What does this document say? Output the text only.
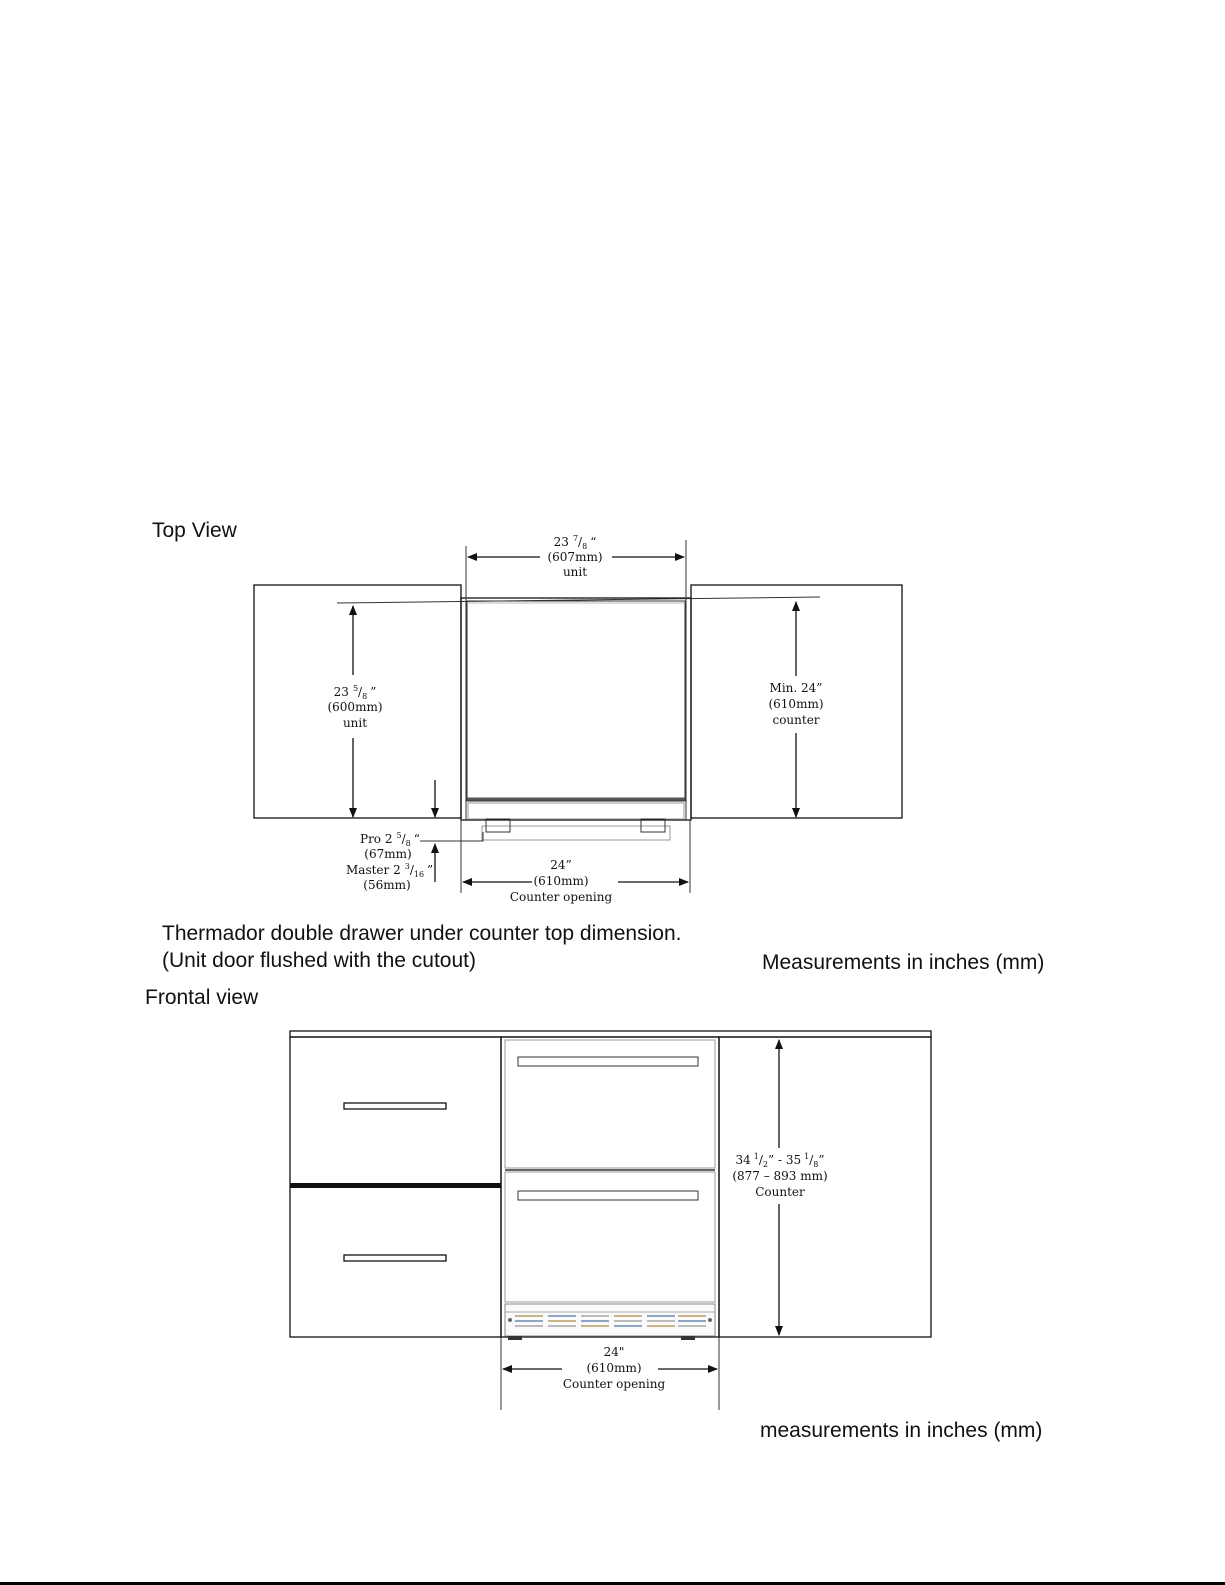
Top View
Thermador double drawer under counter top dimension.
(Unit door flushed with the cutout)	Measurements in inches (mm)
Frontal view
measurements in inches (mm)
23 $^7/_8$ “
(607mm)
unit
23 $^5/_8$ ”
(600mm)
unit
Min. 24”
(610mm)
counter
Pro 2 $^5/_8$ “
(67mm)
Master 2 $^3/_{16}$ ”
(56mm)
24”
(610mm)
Counter opening
34 $^1/_2$” - 35 $^1/_8$”
(877 – 893 mm)
Counter
24"
(610mm)
Counter opening
